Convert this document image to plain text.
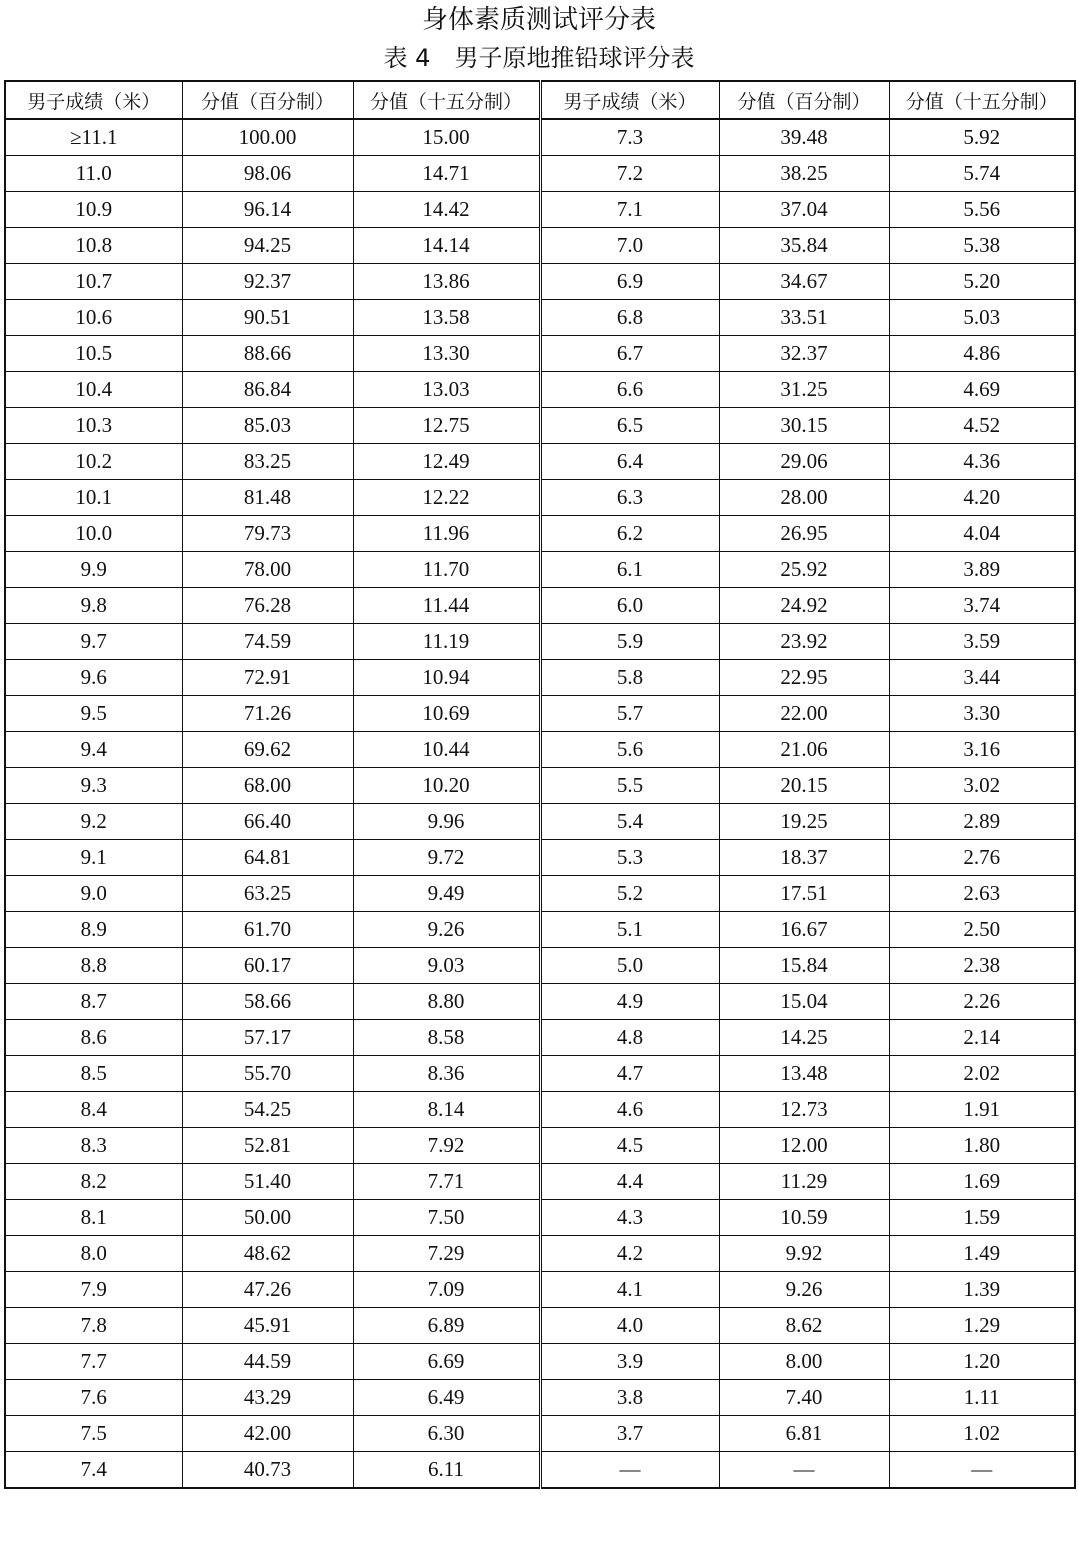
身体素质测试评分表
表 4　男子原地推铅球评分表
男子成绩（米）	分值（百分制）	分值（十五分制）	男子成绩（米）	分值（百分制）	分值（十五分制）
≥11.1	100.00	15.00	7.3	39.48	5.92
11.0	98.06	14.71	7.2	38.25	5.74
10.9	96.14	14.42	7.1	37.04	5.56
10.8	94.25	14.14	7.0	35.84	5.38
10.7	92.37	13.86	6.9	34.67	5.20
10.6	90.51	13.58	6.8	33.51	5.03
10.5	88.66	13.30	6.7	32.37	4.86
10.4	86.84	13.03	6.6	31.25	4.69
10.3	85.03	12.75	6.5	30.15	4.52
10.2	83.25	12.49	6.4	29.06	4.36
10.1	81.48	12.22	6.3	28.00	4.20
10.0	79.73	11.96	6.2	26.95	4.04
9.9	78.00	11.70	6.1	25.92	3.89
9.8	76.28	11.44	6.0	24.92	3.74
9.7	74.59	11.19	5.9	23.92	3.59
9.6	72.91	10.94	5.8	22.95	3.44
9.5	71.26	10.69	5.7	22.00	3.30
9.4	69.62	10.44	5.6	21.06	3.16
9.3	68.00	10.20	5.5	20.15	3.02
9.2	66.40	9.96	5.4	19.25	2.89
9.1	64.81	9.72	5.3	18.37	2.76
9.0	63.25	9.49	5.2	17.51	2.63
8.9	61.70	9.26	5.1	16.67	2.50
8.8	60.17	9.03	5.0	15.84	2.38
8.7	58.66	8.80	4.9	15.04	2.26
8.6	57.17	8.58	4.8	14.25	2.14
8.5	55.70	8.36	4.7	13.48	2.02
8.4	54.25	8.14	4.6	12.73	1.91
8.3	52.81	7.92	4.5	12.00	1.80
8.2	51.40	7.71	4.4	11.29	1.69
8.1	50.00	7.50	4.3	10.59	1.59
8.0	48.62	7.29	4.2	9.92	1.49
7.9	47.26	7.09	4.1	9.26	1.39
7.8	45.91	6.89	4.0	8.62	1.29
7.7	44.59	6.69	3.9	8.00	1.20
7.6	43.29	6.49	3.8	7.40	1.11
7.5	42.00	6.30	3.7	6.81	1.02
7.4	40.73	6.11	—	—	—
